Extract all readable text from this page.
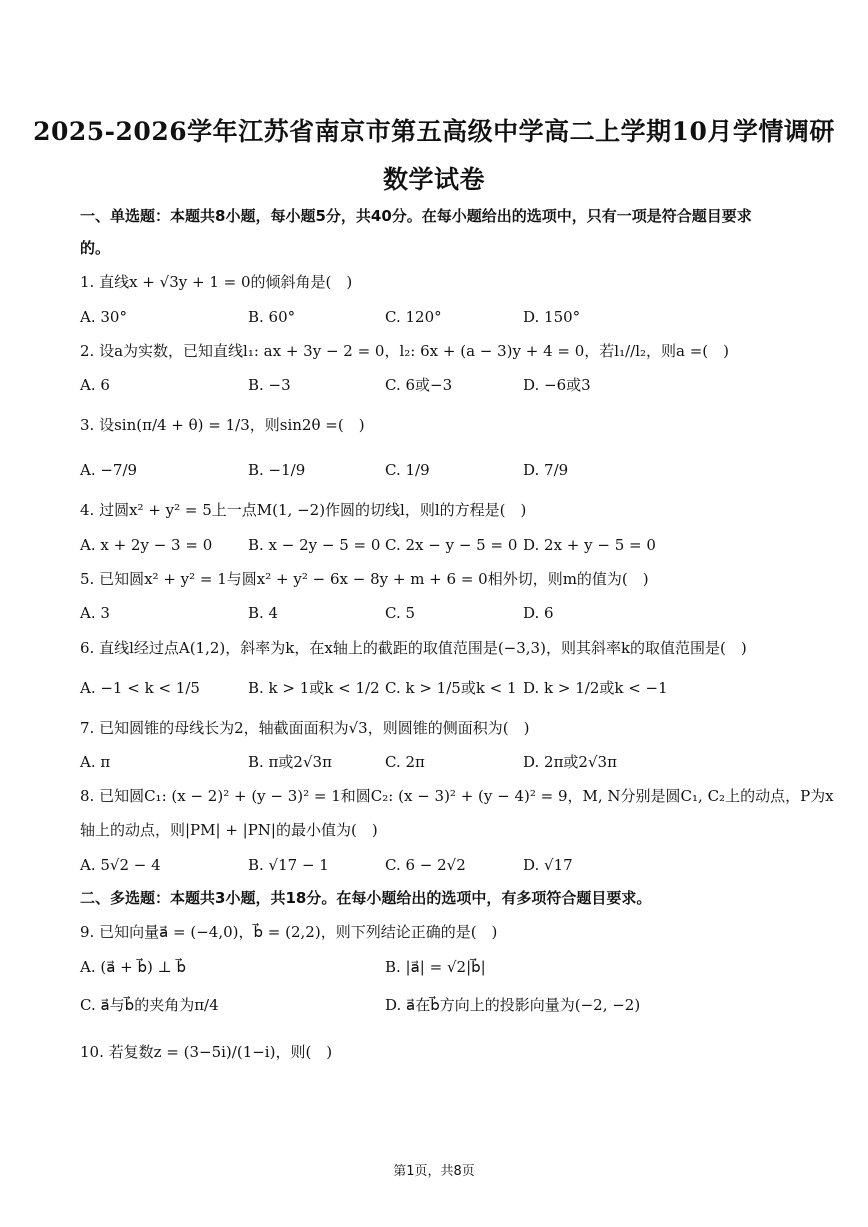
2025-2026学年江苏省南京市第五高级中学高二上学期10月学情调研
数学试卷
一、单选题：本题共8小题，每小题5分，共40分。在每小题给出的选项中，只有一项是符合题目要求
的。
1. 直线x + √3y + 1 = 0的倾斜角是(　)
A. 30°	B. 60°	C. 120°	D. 150°
2. 设a为实数，已知直线l₁: ax + 3y − 2 = 0，l₂: 6x + (a − 3)y + 4 = 0，若l₁//l₂，则a =(　)
A. 6	B. −3	C. 6或−3	D. −6或3
3. 设sin(π/4 + θ) = 1/3，则sin2θ =(　)
A. −7/9	B. −1/9	C. 1/9	D. 7/9
4. 过圆x² + y² = 5上一点M(1, −2)作圆的切线l，则l的方程是(　)
A. x + 2y − 3 = 0 B. x − 2y − 5 = 0 C. 2x − y − 5 = 0 D. 2x + y − 5 = 0
5. 已知圆x² + y² = 1与圆x² + y² − 6x − 8y + m + 6 = 0相外切，则m的值为(　)
A. 3	B. 4	C. 5	D. 6
6. 直线l经过点A(1,2)，斜率为k，在x轴上的截距的取值范围是(−3,3)，则其斜率k的取值范围是(　)
A. −1 < k < 1/5	B. k > 1或k < 1/2 C. k > 1/5或k < 1 D. k > 1/2或k < −1
7. 已知圆锥的母线长为2，轴截面面积为√3，则圆锥的侧面积为(　)
A. π	B. π或2√3π	C. 2π	D. 2π或2√3π
8. 已知圆C₁: (x − 2)² + (y − 3)² = 1和圆C₂: (x − 3)² + (y − 4)² = 9，M, N分别是圆C₁, C₂上的动点，P为x
轴上的动点，则|PM| + |PN|的最小值为(　)
A. 5√2 − 4	B. √17 − 1	C. 6 − 2√2	D. √17
二、多选题：本题共3小题，共18分。在每小题给出的选项中，有多项符合题目要求。
9. 已知向量a⃗ = (−4,0)，b⃗ = (2,2)，则下列结论正确的是(　)
A. (a⃗ + b⃗) ⊥ b⃗	B. |a⃗| = √2|b⃗|
C. a⃗与b⃗的夹角为π/4	D. a⃗在b⃗方向上的投影向量为(−2, −2)
10. 若复数z = (3−5i)/(1−i)，则(　)
第1页，共8页
